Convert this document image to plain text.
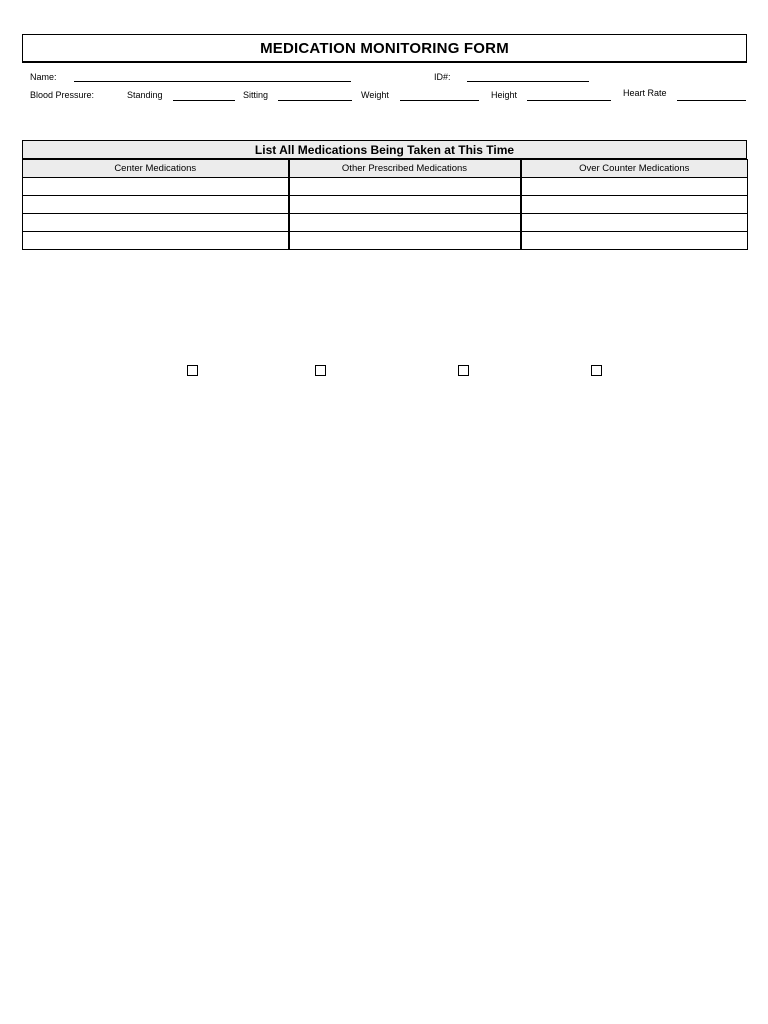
MEDICATION MONITORING FORM
Name:	ID#:
Blood Pressure:	Standing	Sitting	Weight	Height	Heart Rate
List All Medications Being Taken at This Time
Center Medications	Other Prescribed Medications	Over Counter Medications
